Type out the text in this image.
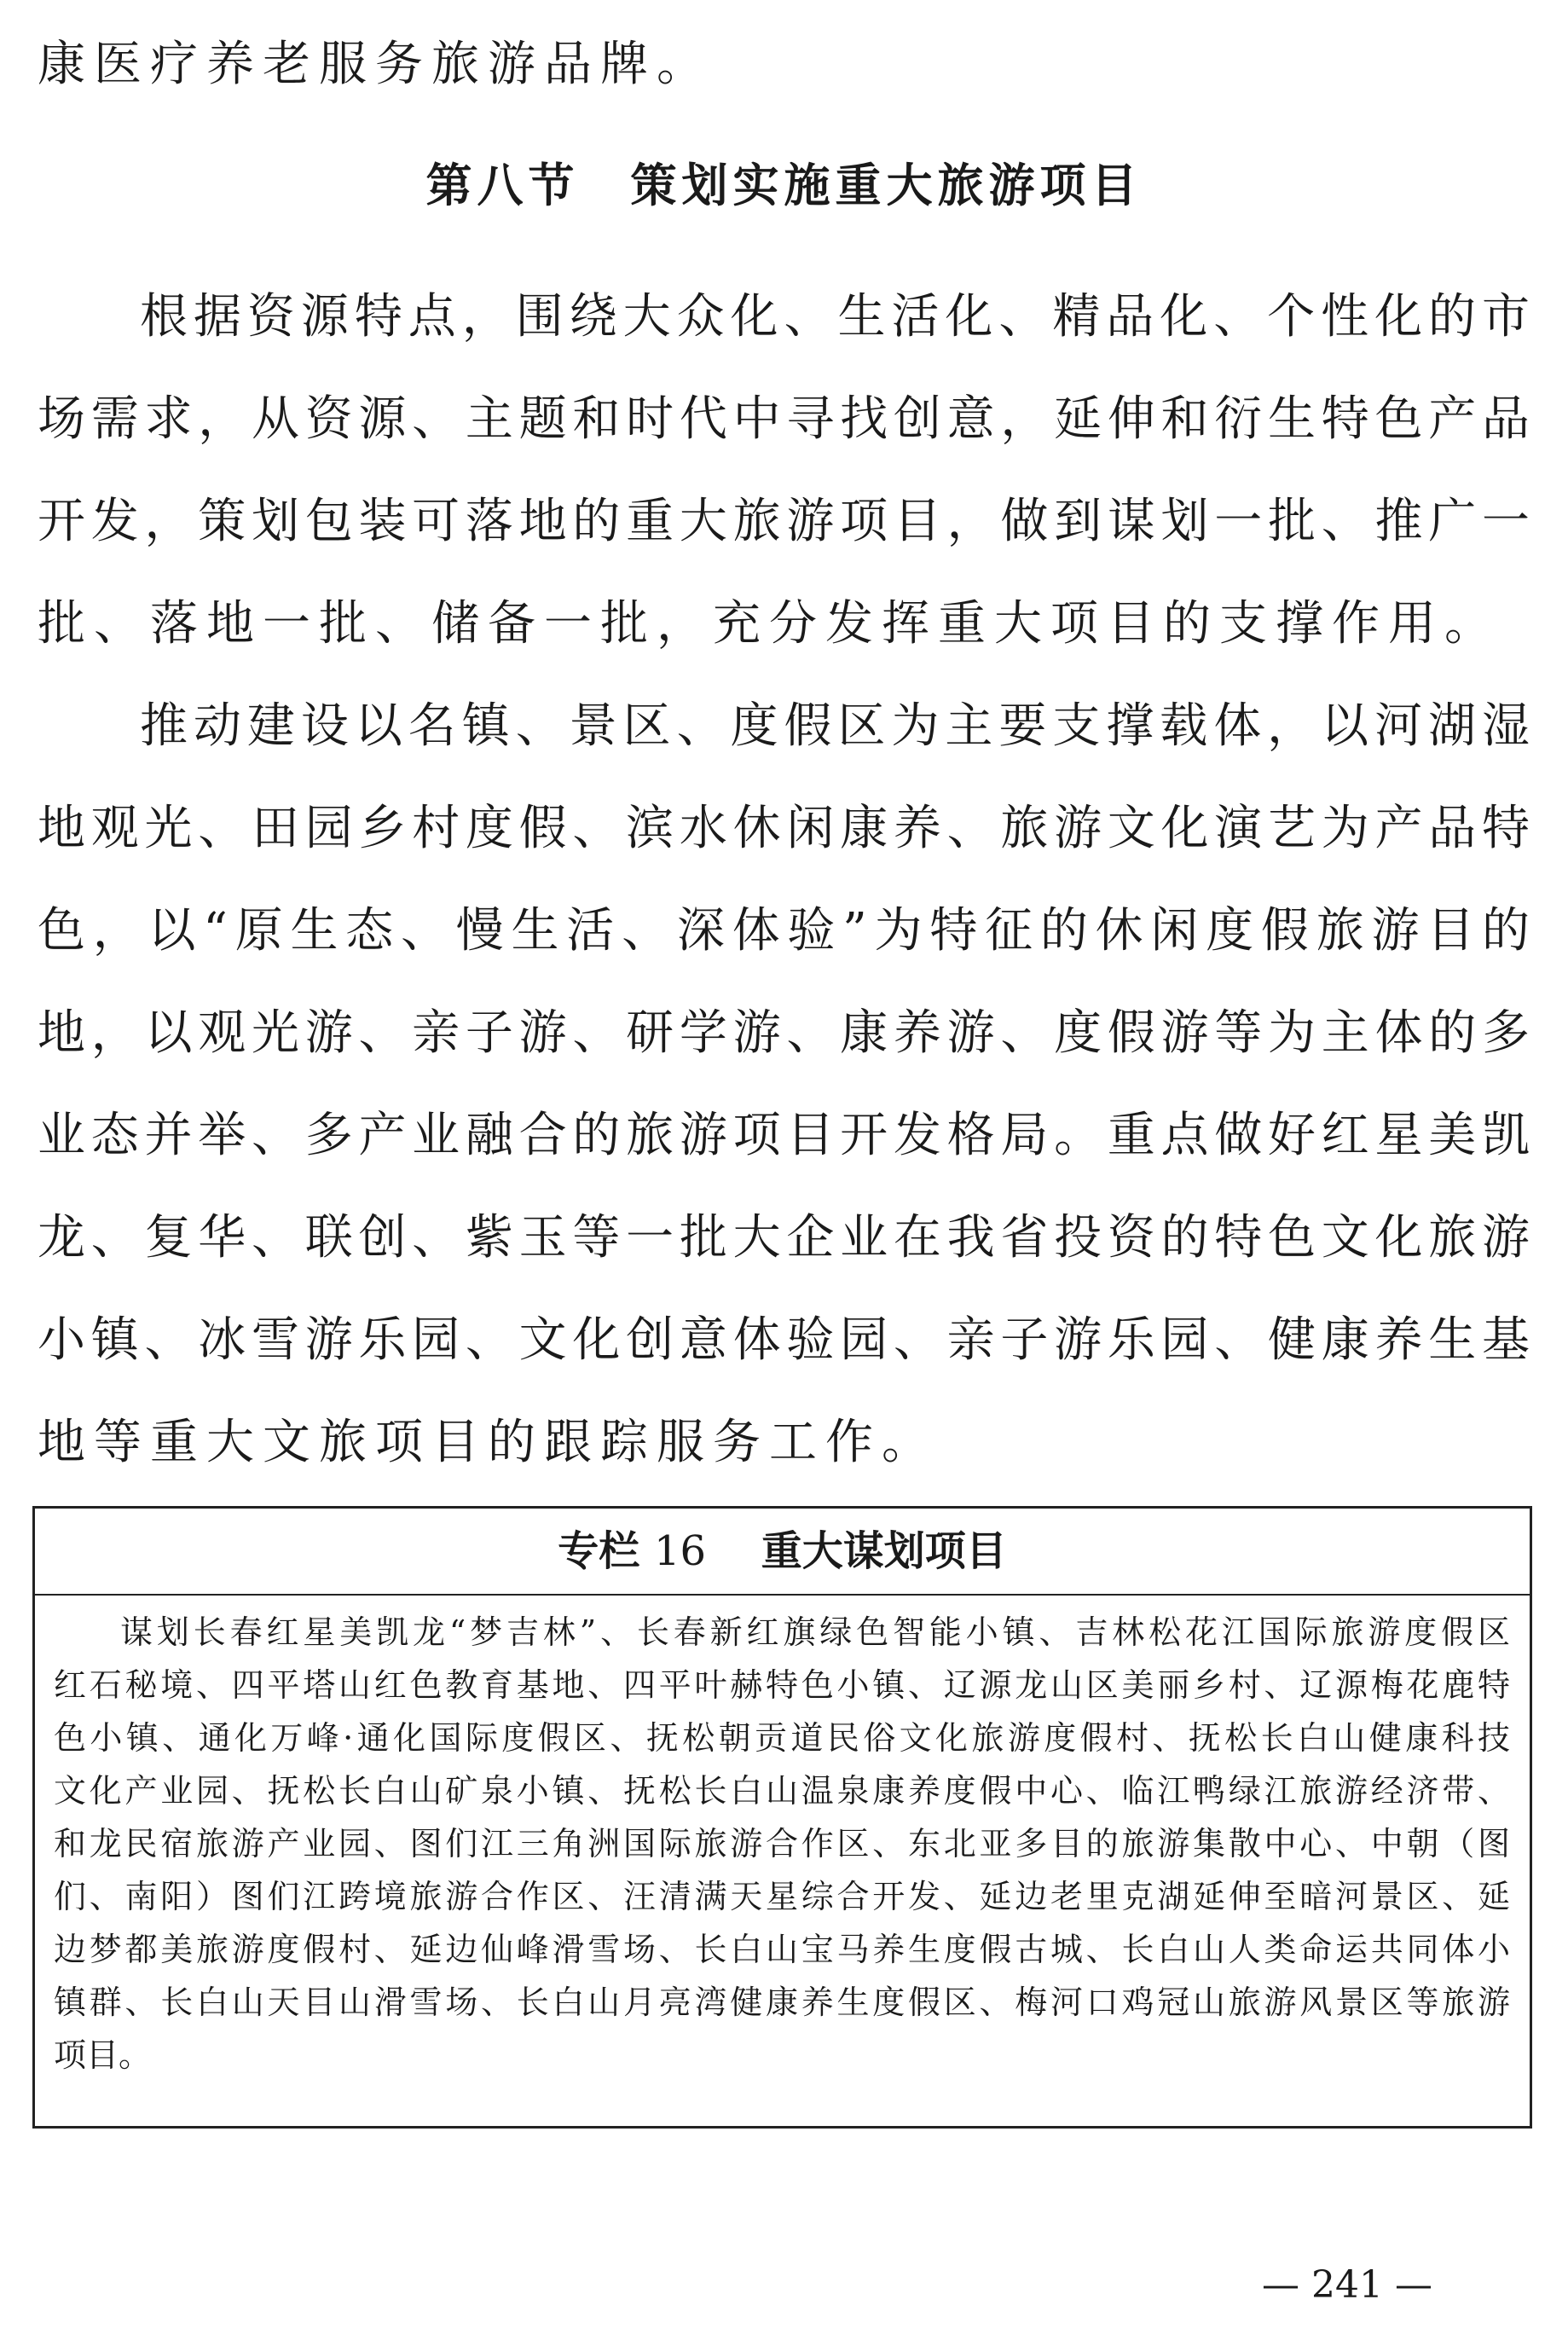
康医疗养老服务旅游品牌。
第八节　策划实施重大旅游项目
根据资源特点，围绕大众化、生活化、精品化、个性化的市
场需求，从资源、主题和时代中寻找创意，延伸和衍生特色产品
开发，策划包装可落地的重大旅游项目，做到谋划一批、推广一
批、落地一批、储备一批，充分发挥重大项目的支撑作用。
推动建设以名镇、景区、度假区为主要支撑载体，以河湖湿
地观光、田园乡村度假、滨水休闲康养、旅游文化演艺为产品特
色，以“原生态、慢生活、深体验”为特征的休闲度假旅游目的
地，以观光游、亲子游、研学游、康养游、度假游等为主体的多
业态并举、多产业融合的旅游项目开发格局。重点做好红星美凯
龙、复华、联创、紫玉等一批大企业在我省投资的特色文化旅游
小镇、冰雪游乐园、文化创意体验园、亲子游乐园、健康养生基
地等重大文旅项目的跟踪服务工作。
专栏 16　 重大谋划项目
谋划长春红星美凯龙“梦吉林”、长春新红旗绿色智能小镇、吉林松花江国际旅游度假区
红石秘境、四平塔山红色教育基地、四平叶赫特色小镇、辽源龙山区美丽乡村、辽源梅花鹿特
色小镇、通化万峰·通化国际度假区、抚松朝贡道民俗文化旅游度假村、抚松长白山健康科技
文化产业园、抚松长白山矿泉小镇、抚松长白山温泉康养度假中心、临江鸭绿江旅游经济带、
和龙民宿旅游产业园、图们江三角洲国际旅游合作区、东北亚多目的旅游集散中心、中朝（图
们、南阳）图们江跨境旅游合作区、汪清满天星综合开发、延边老里克湖延伸至暗河景区、延
边梦都美旅游度假村、延边仙峰滑雪场、长白山宝马养生度假古城、长白山人类命运共同体小
镇群、长白山天目山滑雪场、长白山月亮湾健康养生度假区、梅河口鸡冠山旅游风景区等旅游
项目。
— 241 —
